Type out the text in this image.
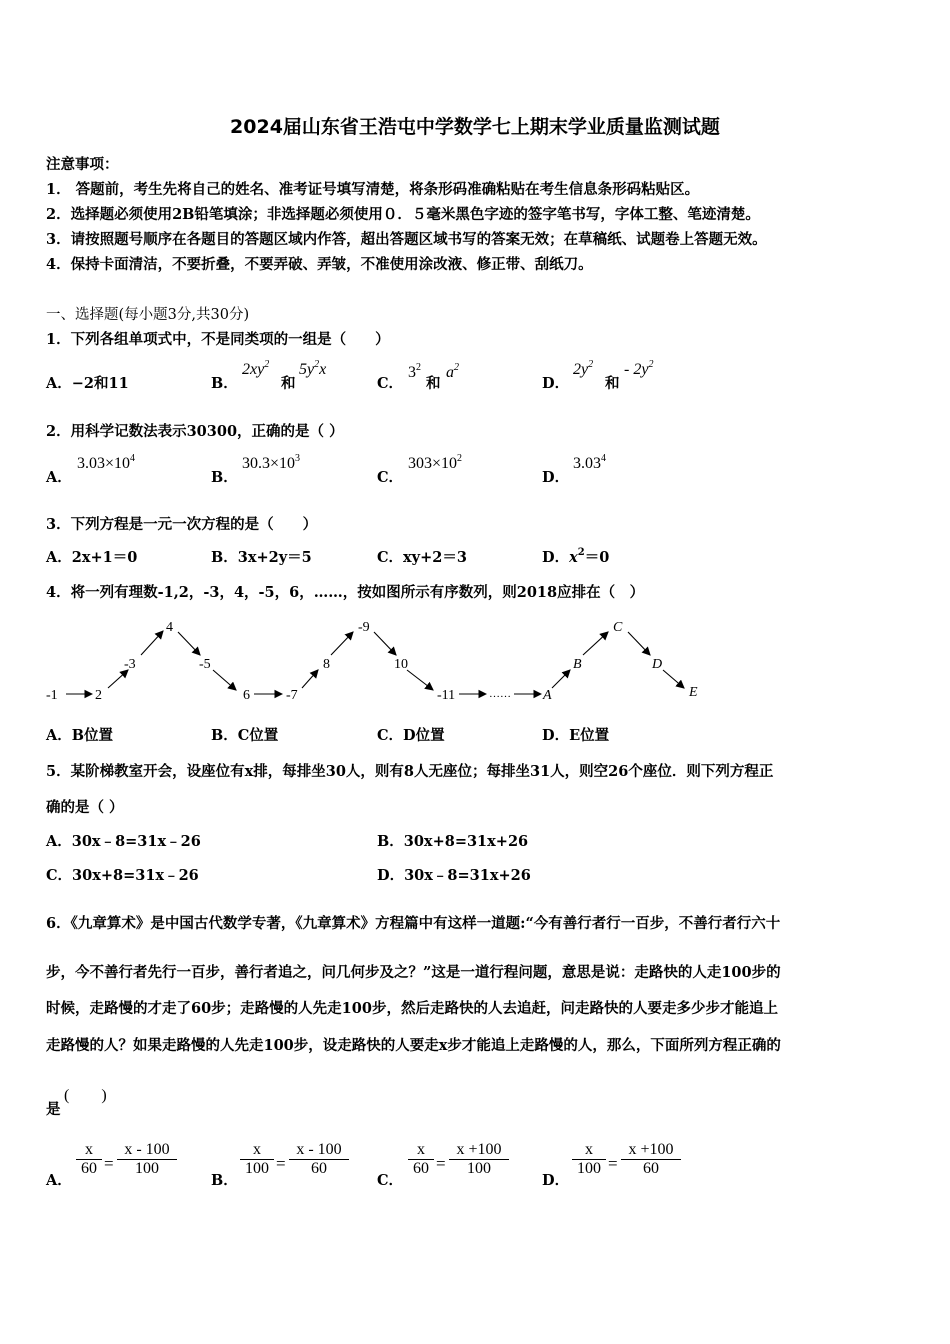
2024届山东省王浩屯中学数学七上期末学业质量监测试题
注意事项：
1． 答题前，考生先将自己的姓名、准考证号填写清楚，将条形码准确粘贴在考生信息条形码粘贴区。
2．选择题必须使用2B铅笔填涂；非选择题必须使用０．５毫米黑色字迹的签字笔书写，字体工整、笔迹清楚。
3．请按照题号顺序在各题目的答题区域内作答，超出答题区域书写的答案无效；在草稿纸、试题卷上答题无效。
4．保持卡面清洁，不要折叠，不要弄破、弄皱，不准使用涂改液、修正带、刮纸刀。
一、选择题(每小题3分,共30分)
1．下列各组单项式中，不是同类项的一组是（　　）
A．−2和11	B．
$2xy^2$
和
$5y^2x$
C．
$3^2$
和
$a^2$
D．
$2y^2$
和
- $2y^2$
2．用科学记数法表示30300，正确的是（ ）
A．
$3.03\times 10^4$
B．
$30.3\times 10^3$
C．
$303\times 10^2$
D．
3.03$^4$
3．下列方程是一元一次方程的是（　　）
A．2x+1＝0	B．3x+2y＝5	C．xy+2＝3	D．$x^2=0$
4．将一列有理数-1,2，-3，4，-5，6，……，按如图所示有序数列，则2018应排在（　）
-1	2
-3
4
-5
6	-7
8
-9
10
-11	…… A
B
C
D
E
A．B位置	B．C位置	C．D位置	D．E位置
5．某阶梯教室开会，设座位有x排，每排坐30人，则有8人无座位；每排坐31人，则空26个座位．则下列方程正
确的是（ ）
A．30x﹣8=31x﹣26	B．30x+8=31x+26
C．30x+8=31x﹣26	D．30x﹣8=31x+26
6．《九章算术》是中国古代数学专著，《九章算术》方程篇中有这样一道题:“今有善行者行一百步，不善行者行六十
步，今不善行者先行一百步，善行者追之，问几何步及之？”这是一道行程问题，意思是说：走路快的人走100步的
时候，走路慢的才走了60步；走路慢的人先走100步，然后走路快的人去追赶，问走路快的人要走多少步才能追上
走路慢的人？如果走路慢的人先走100步，设走路快的人要走x步才能追上走路慢的人，那么，下面所列方程正确的
是
(　　)
A．
$\frac{x}{60} = \frac{x - 100}{100}$
B．
$\frac{x}{100} = \frac{x - 100}{60}$
C．
$\frac{x}{60} = \frac{x +100}{100}$
D．
$\frac{x}{100} = \frac{x +100}{60}$
